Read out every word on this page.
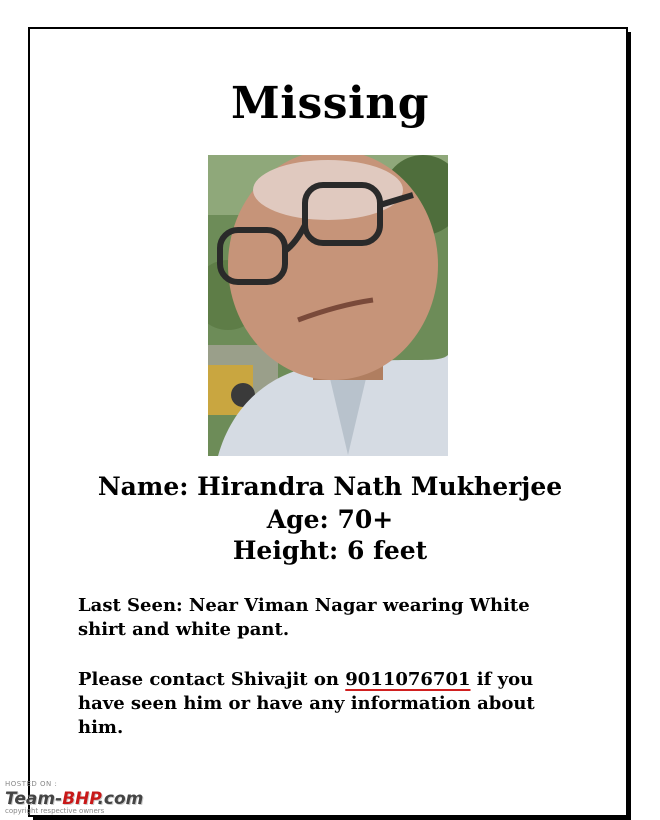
Missing
Name: Hirandra Nath Mukherjee
Age: 70+
Height: 6 feet
Last Seen: Near Viman Nagar wearing White shirt and white pant.
Please contact Shivajit on 9011076701 if you have seen him or have any information about him.
HOSTED ON :
Team-BHP.com
copyright respective owners
